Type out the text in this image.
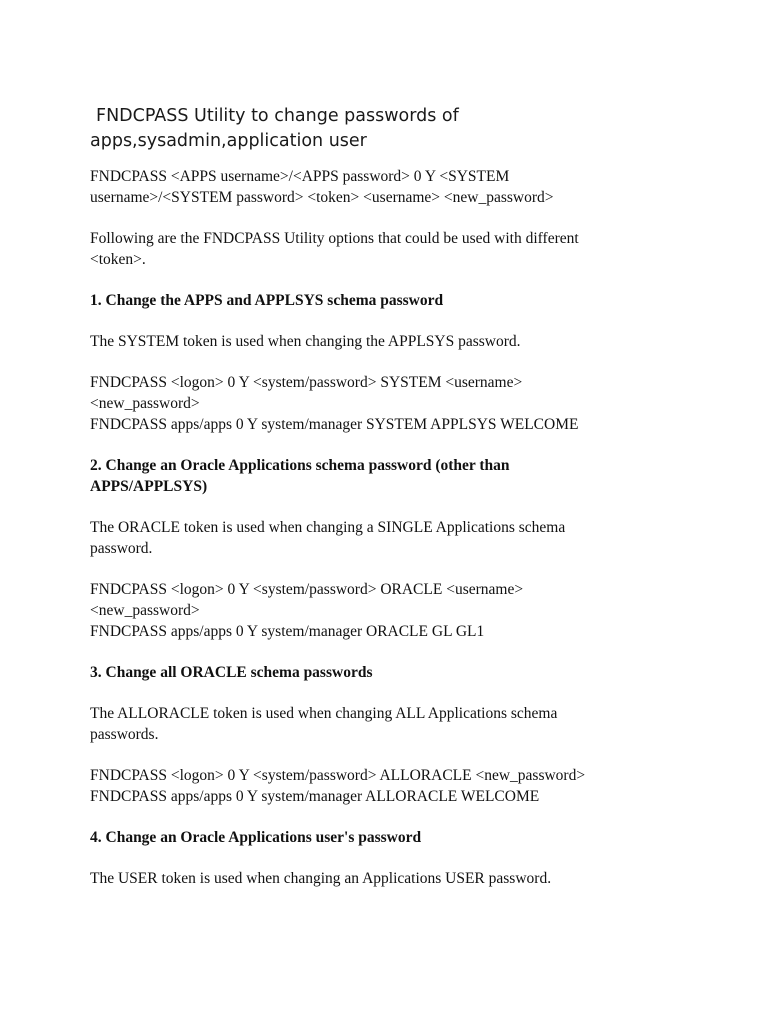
FNDCPASS Utility to change passwords of
apps,sysadmin,application user

FNDCPASS <APPS username>/<APPS password> 0 Y <SYSTEM
username>/<SYSTEM password> <token> <username> <new_password>

Following are the FNDCPASS Utility options that could be used with different
<token>.

1. Change the APPS and APPLSYS schema password

The SYSTEM token is used when changing the APPLSYS password.

FNDCPASS <logon> 0 Y <system/password> SYSTEM <username>
<new_password>
FNDCPASS apps/apps 0 Y system/manager SYSTEM APPLSYS WELCOME

2. Change an Oracle Applications schema password (other than
APPS/APPLSYS)

The ORACLE token is used when changing a SINGLE Applications schema
password.

FNDCPASS <logon> 0 Y <system/password> ORACLE <username>
<new_password>
FNDCPASS apps/apps 0 Y system/manager ORACLE GL GL1

3. Change all ORACLE schema passwords

The ALLORACLE token is used when changing ALL Applications schema
passwords.

FNDCPASS <logon> 0 Y <system/password> ALLORACLE <new_password>
FNDCPASS apps/apps 0 Y system/manager ALLORACLE WELCOME

4. Change an Oracle Applications user's password

The USER token is used when changing an Applications USER password.
